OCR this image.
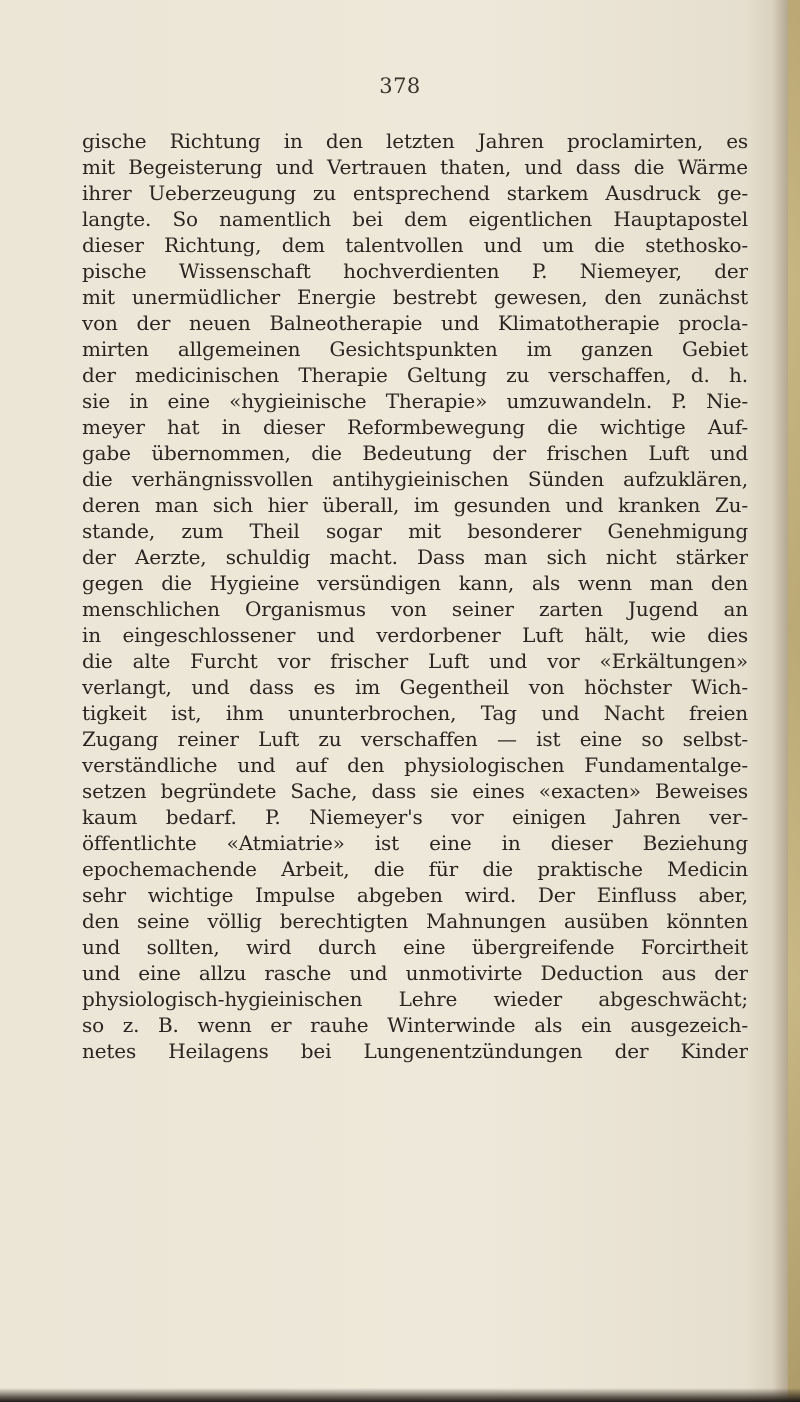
378
gische Richtung in den letzten Jahren proclamirten, es
mit Begeisterung und Vertrauen thaten, und dass die Wärme
ihrer Ueberzeugung zu entsprechend starkem Ausdruck ge-
langte. So namentlich bei dem eigentlichen Hauptapostel
dieser Richtung, dem talentvollen und um die stethosko-
pische Wissenschaft hochverdienten P. Niemeyer, der
mit unermüdlicher Energie bestrebt gewesen, den zunächst
von der neuen Balneotherapie und Klimatotherapie procla-
mirten allgemeinen Gesichtspunkten im ganzen Gebiet
der medicinischen Therapie Geltung zu verschaffen, d. h.
sie in eine «hygieinische Therapie» umzuwandeln. P. Nie-
meyer hat in dieser Reformbewegung die wichtige Auf-
gabe übernommen, die Bedeutung der frischen Luft und
die verhängnissvollen antihygieinischen Sünden aufzuklären,
deren man sich hier überall, im gesunden und kranken Zu-
stande, zum Theil sogar mit besonderer Genehmigung
der Aerzte, schuldig macht. Dass man sich nicht stärker
gegen die Hygieine versündigen kann, als wenn man den
menschlichen Organismus von seiner zarten Jugend an
in eingeschlossener und verdorbener Luft hält, wie dies
die alte Furcht vor frischer Luft und vor «Erkältungen»
verlangt, und dass es im Gegentheil von höchster Wich-
tigkeit ist, ihm ununterbrochen, Tag und Nacht freien
Zugang reiner Luft zu verschaffen — ist eine so selbst-
verständliche und auf den physiologischen Fundamentalge-
setzen begründete Sache, dass sie eines «exacten» Beweises
kaum bedarf. P. Niemeyer's vor einigen Jahren ver-
öffentlichte «Atmiatrie» ist eine in dieser Beziehung
epochemachende Arbeit, die für die praktische Medicin
sehr wichtige Impulse abgeben wird. Der Einfluss aber,
den seine völlig berechtigten Mahnungen ausüben könnten
und sollten, wird durch eine übergreifende Forcirtheit
und eine allzu rasche und unmotivirte Deduction aus der
physiologisch-hygieinischen Lehre wieder abgeschwächt;
so z. B. wenn er rauhe Winterwinde als ein ausgezeich-
netes Heilagens bei Lungenentzündungen der Kinder
